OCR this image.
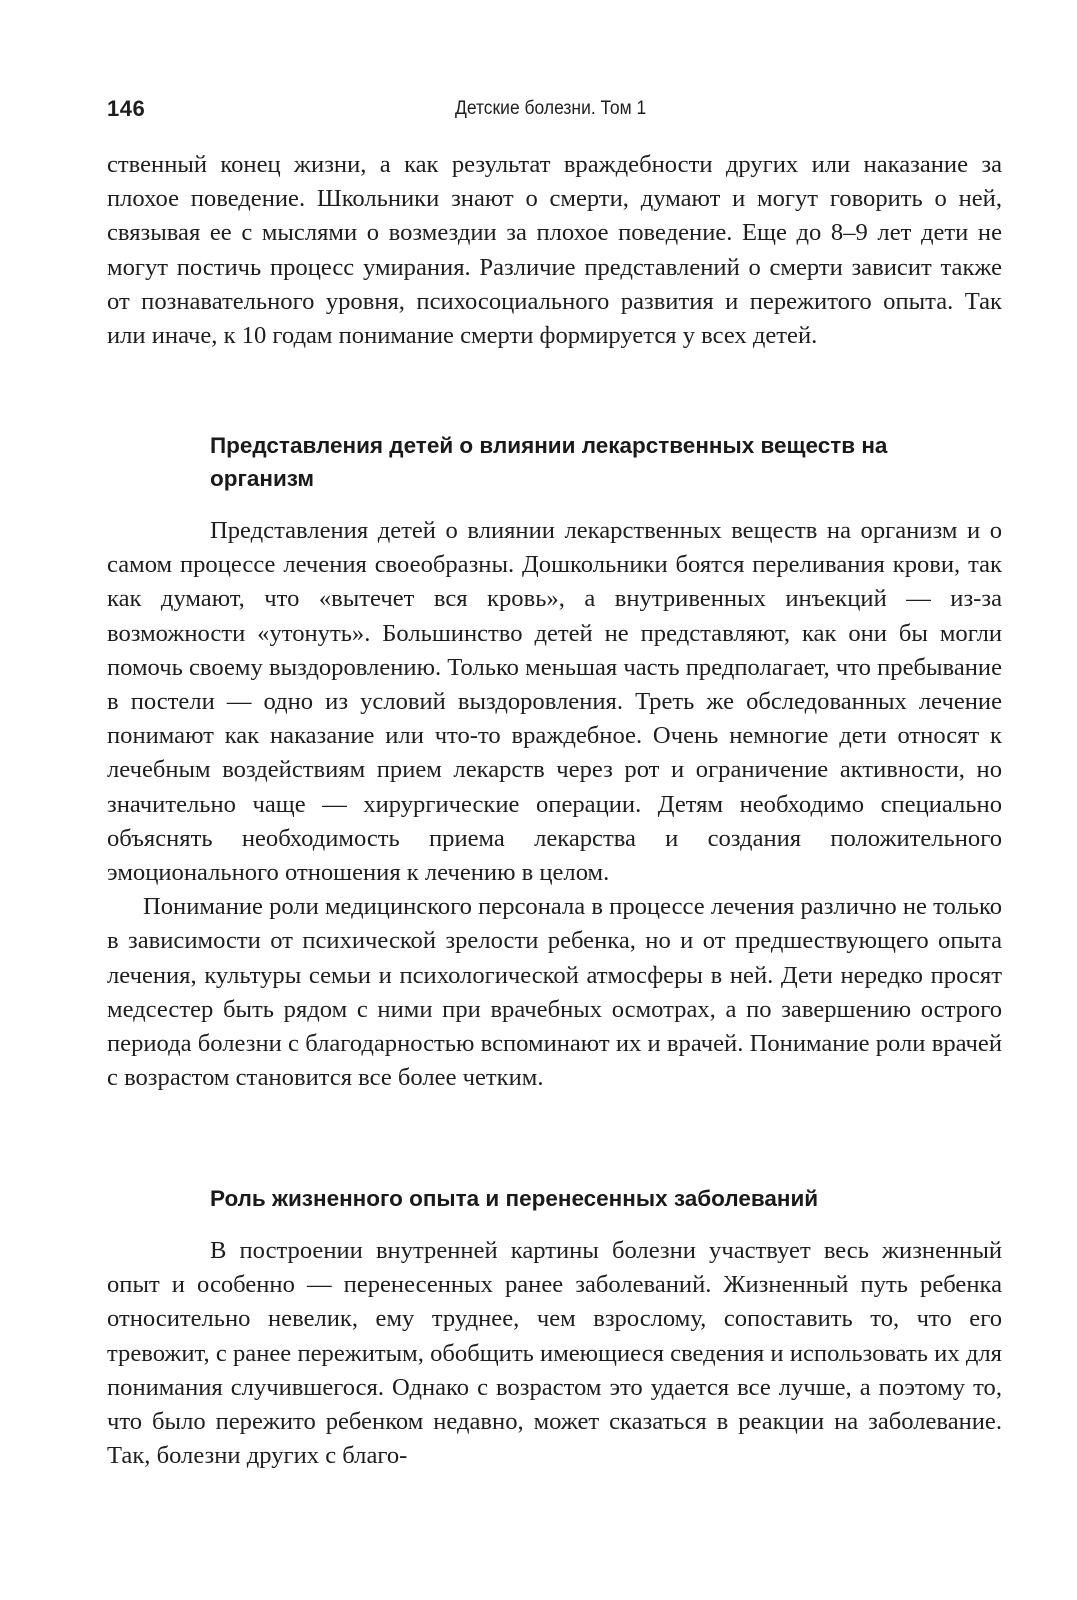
146	Детские болезни. Том 1

ственный конец жизни, а как результат враждебности других или наказание за плохое поведение. Школьники знают о смерти, думают и могут говорить о ней, связывая ее с мыслями о возмездии за плохое поведение. Еще до 8–9 лет дети не могут постичь процесс умирания. Различие представлений о смерти зависит также от познавательного уровня, психосоциального развития и пережитого опыта. Так или иначе, к 10 годам понимание смерти формируется у всех детей.

Представления детей о влиянии лекарственных веществ на организм

Представления детей о влиянии лекарственных веществ на организм и о самом процессе лечения своеобразны. Дошкольники боятся переливания крови, так как думают, что «вытечет вся кровь», а внутривенных инъекций — из-за возможности «утонуть». Большинство детей не представляют, как они бы могли помочь своему выздоровлению. Только меньшая часть предполагает, что пребывание в постели — одно из условий выздоровления. Треть же обследованных лечение понимают как наказание или что-то враждебное. Очень немногие дети относят к лечебным воздействиям прием лекарств через рот и ограничение активности, но значительно чаще — хирургические операции. Детям необходимо специально объяснять необходимость приема лекарства и создания положительного эмоционального отношения к лечению в целом.

Понимание роли медицинского персонала в процессе лечения различно не только в зависимости от психической зрелости ребенка, но и от предшествующего опыта лечения, культуры семьи и психологической атмосферы в ней. Дети нередко просят медсестер быть рядом с ними при врачебных осмотрах, а по завершению острого периода болезни с благодарностью вспоминают их и врачей. Понимание роли врачей с возрастом становится все более четким.

Роль жизненного опыта и перенесенных заболеваний

В построении внутренней картины болезни участвует весь жизненный опыт и особенно — перенесенных ранее заболеваний. Жизненный путь ребенка относительно невелик, ему труднее, чем взрослому, сопоставить то, что его тревожит, с ранее пережитым, обобщить имеющиеся сведения и использовать их для понимания случившегося. Однако с возрастом это удается все лучше, а поэтому то, что было пережито ребенком недавно, может сказаться в реакции на заболевание. Так, болезни других с благо-
